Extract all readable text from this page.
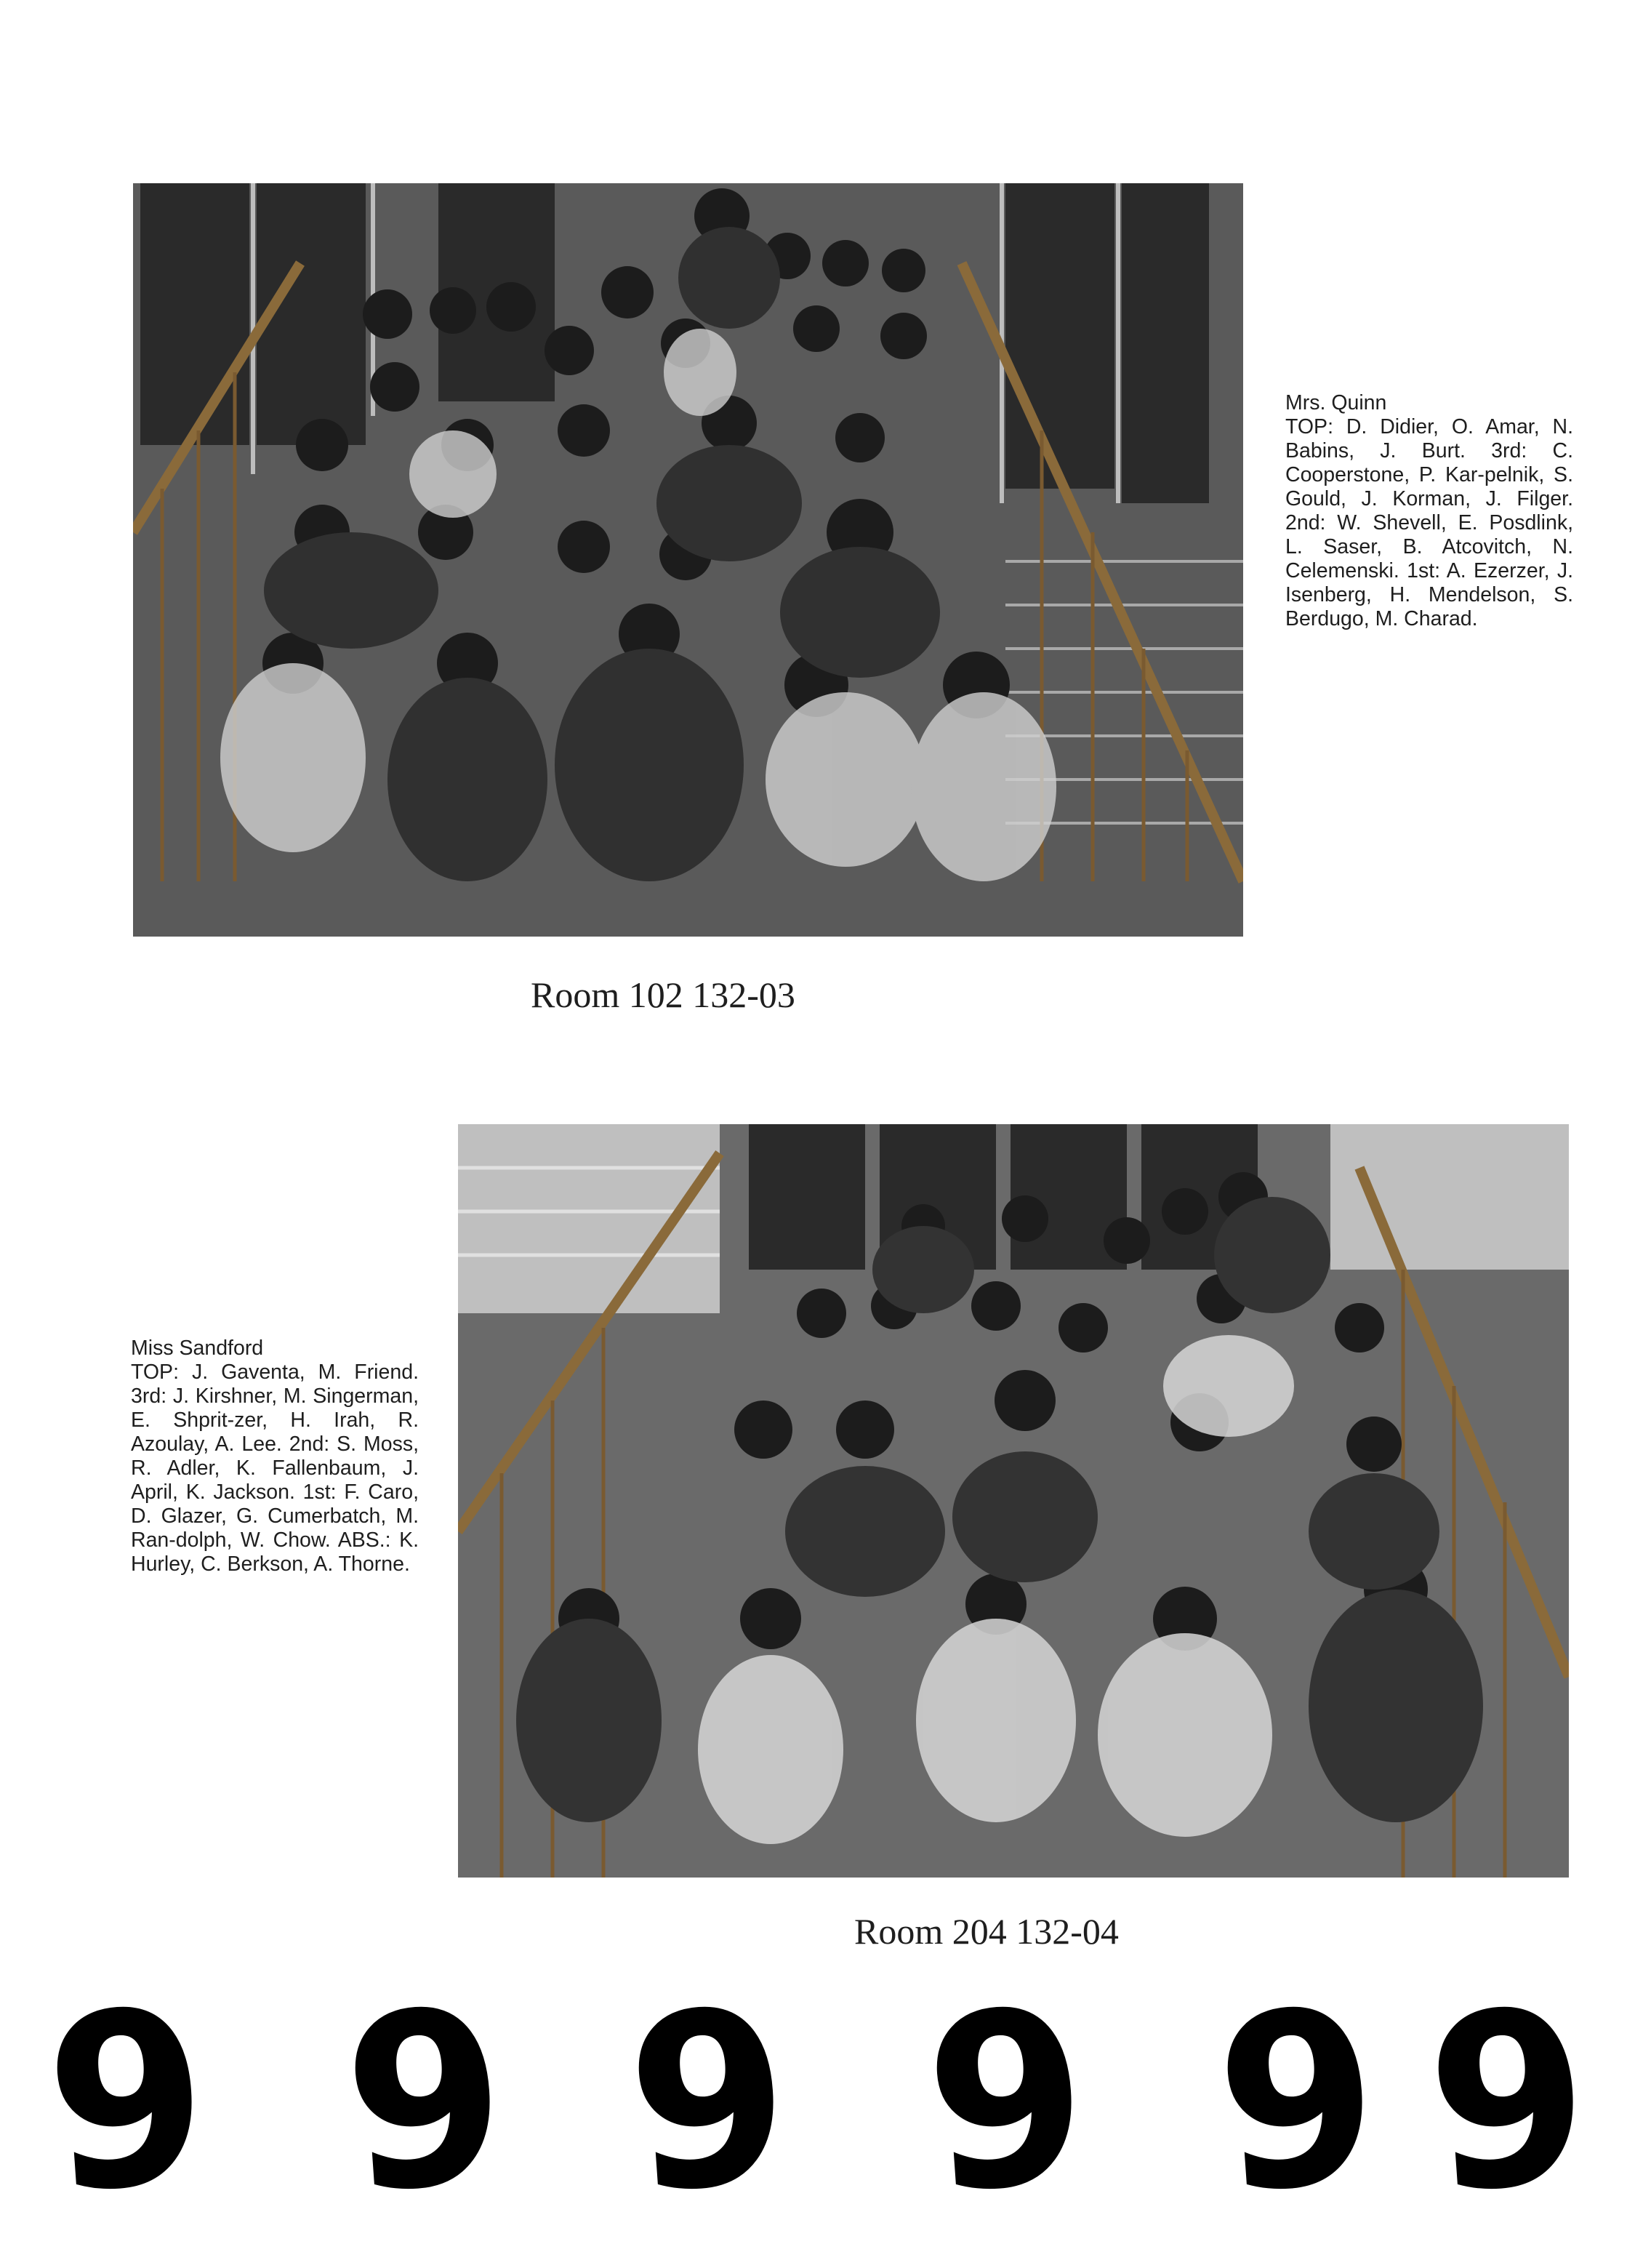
Mrs. Quinn
TOP: D. Didier, O. Amar, N. Babins, J. Burt. 3rd: C. Cooperstone, P. Kar-pelnik, S. Gould, J. Korman, J. Filger. 2nd: W. Shevell, E. Posdlink, L. Saser, B. Atcovitch, N. Celemenski. 1st: A. Ezerzer, J. Isenberg, H. Mendelson, S. Berdugo, M. Charad.

Room 102 132-03

Miss Sandford
TOP: J. Gaventa, M. Friend. 3rd: J. Kirshner, M. Singerman, E. Shprit-zer, H. Irah, R. Azoulay, A. Lee. 2nd: S. Moss, R. Adler, K. Fallenbaum, J. April, K. Jackson. 1st: F. Caro, D. Glazer, G. Cumerbatch, M. Ran-dolph, W. Chow. ABS.: K. Hurley, C. Berkson, A. Thorne.

Room 204 132-04

9 9 9 9 9 9
